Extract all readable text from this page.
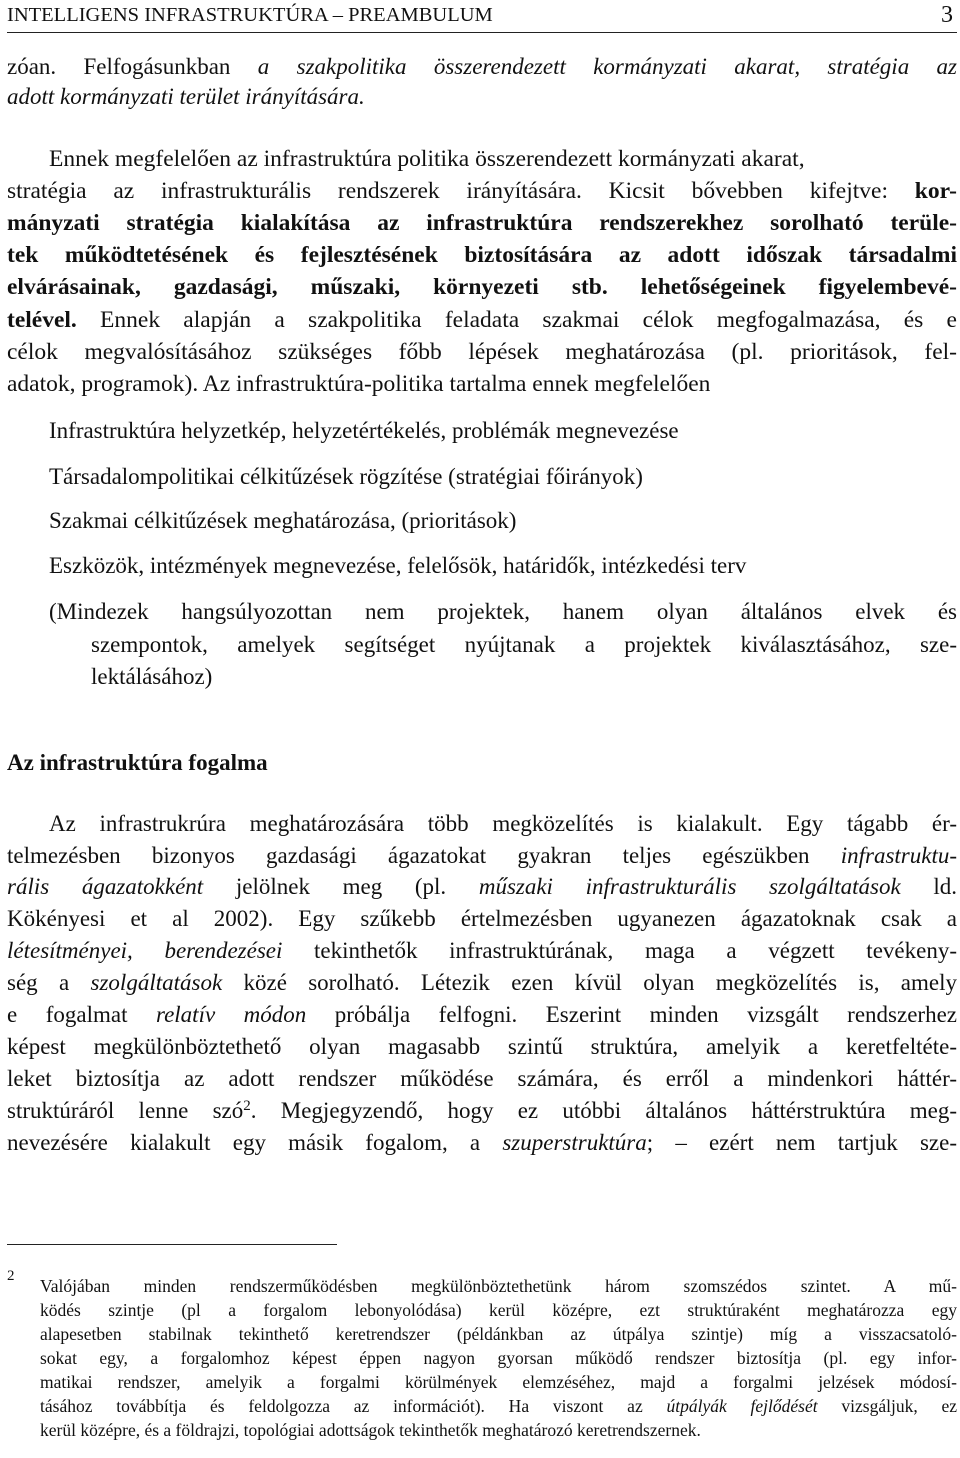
INTELLIGENS INFRASTRUKTÚRA – PREAMBULUM	3
zóan. Felfogásunkban a szakpolitika összerendezett kormányzati akarat, stratégia az
adott kormányzati terület irányítására.
Ennek megfelelően az infrastruktúra politika összerendezett kormányzati akarat,
stratégia az infrastrukturális rendszerek irányítására. Kicsit bővebben kifejtve: kor-
mányzati stratégia kialakítása az infrastruktúra rendszerekhez sorolható terüle-
tek működtetésének és fejlesztésének biztosítására az adott időszak társadalmi
elvárásainak, gazdasági, műszaki, környezeti stb. lehetőségeinek figyelembevé-
telével. Ennek alapján a szakpolitika feladata szakmai célok megfogalmazása, és e
célok megvalósításához szükséges főbb lépések meghatározása (pl. prioritások, fel-
adatok, programok). Az infrastruktúra-politika tartalma ennek megfelelően
Infrastruktúra helyzetkép, helyzetértékelés, problémák megnevezése
Társadalompolitikai célkitűzések rögzítése (stratégiai főirányok)
Szakmai célkitűzések meghatározása, (prioritások)
Eszközök, intézmények megnevezése, felelősök, határidők, intézkedési terv
(Mindezek hangsúlyozottan nem projektek, hanem olyan általános elvek és
szempontok, amelyek segítséget nyújtanak a projektek kiválasztásához, sze-
lektálásához)
Az infrastruktúra fogalma
Az infrastrukrúra meghatározására több megközelítés is kialakult. Egy tágabb ér-
telmezésben bizonyos gazdasági ágazatokat gyakran teljes egészükben infrastruktu-
rális ágazatokként jelölnek meg (pl. műszaki infrastrukturális szolgáltatások ld.
Kökényesi et al 2002). Egy szűkebb értelmezésben ugyanezen ágazatoknak csak a
létesítményei, berendezései tekinthetők infrastruktúrának, maga a végzett tevékeny-
ség a szolgáltatások közé sorolható. Létezik ezen kívül olyan megközelítés is, amely
e fogalmat relatív módon próbálja felfogni. Eszerint minden vizsgált rendszerhez
képest megkülönböztethető olyan magasabb szintű struktúra, amelyik a keretfeltéte-
leket biztosítja az adott rendszer működése számára, és erről a mindenkori háttér-
struktúráról lenne szó$^2$. Megjegyzendő, hogy ez utóbbi általános háttérstruktúra meg-
nevezésére kialakult egy másik fogalom, a szuperstruktúra; – ezért nem tartjuk sze-
2 Valójában minden rendszerműködésben megkülönböztethetünk három szomszédos szintet. A mű-
ködés szintje (pl a forgalom lebonyolódása) kerül középre, ezt struktúraként meghatározza egy
alapesetben stabilnak tekinthető keretrendszer (példánkban az útpálya szintje) míg a visszacsatoló-
sokat egy, a forgalomhoz képest éppen nagyon gyorsan működő rendszer biztosítja (pl. egy infor-
matikai rendszer, amelyik a forgalmi körülmények elemzéséhez, majd a forgalmi jelzések módosí-
tásához továbbítja és feldolgozza az információt). Ha viszont az útpályák fejlődését vizsgáljuk, ez
kerül középre, és a földrajzi, topológiai adottságok tekinthetők meghatározó keretrendszernek.
